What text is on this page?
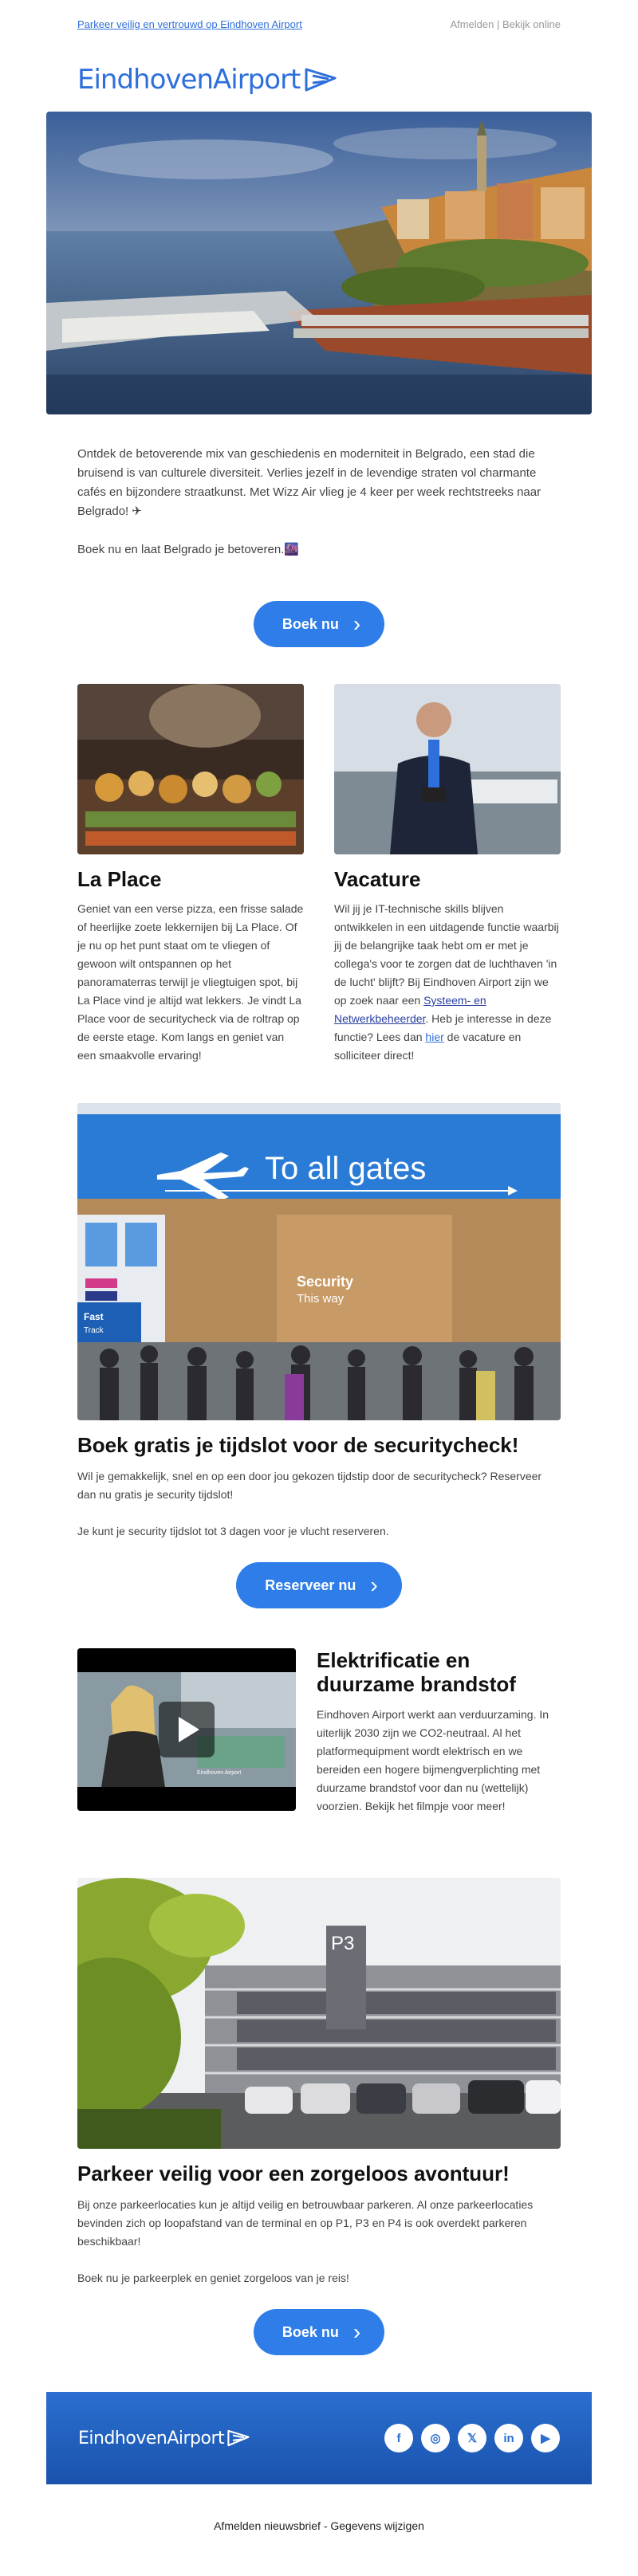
Parkeer veilig en vertrouwd op Eindhoven Airport	Afmelden | Bekijk online
EindhovenAirport

Ontdek de betoverende mix van geschiedenis en moderniteit in Belgrado, een stad die bruisend is van culturele diversiteit. Verlies jezelf in de levendige straten vol charmante cafés en bijzondere straatkunst. Met Wizz Air vlieg je 4 keer per week rechtstreeks naar Belgrado! ✈

Boek nu en laat Belgrado je betoveren.🌆

Boek nu ›
La Place

Geniet van een verse pizza, een frisse salade of heerlijke zoete lekkernijen bij La Place. Of je nu op het punt staat om te vliegen of gewoon wilt ontspannen op het panoramaterras terwijl je vliegtuigen spot, bij La Place vind je altijd wat lekkers. Je vindt La Place voor de securitycheck via de roltrap op de eerste etage. Kom langs en geniet van een smaakvolle ervaring!

Vacature

Wil jij je IT-technische skills blijven ontwikkelen in een uitdagende functie waarbij jij de belangrijke taak hebt om er met je collega's voor te zorgen dat de luchthaven 'in de lucht' blijft? Bij Eindhoven Airport zijn we op zoek naar een Systeem- en Netwerkbeheerder. Heb je interesse in deze functie? Lees dan hier de vacature en solliciteer direct!

To all gates
Security
This way
Fast
Track
Boek gratis je tijdslot voor de securitycheck!

Wil je gemakkelijk, snel en op een door jou gekozen tijdstip door de securitycheck? Reserveer dan nu gratis je security tijdslot!

Je kunt je security tijdslot tot 3 dagen voor je vlucht reserveren.

Reserveer nu ›
Eindhoven Airport
Elektrificatie en duurzame brandstof

Eindhoven Airport werkt aan verduurzaming. In uiterlijk 2030 zijn we CO2-neutraal. Al het platformequipment wordt elektrisch en we bereiden een hogere bijmengverplichting met duurzame brandstof voor dan nu (wettelijk) voorzien. Bekijk het filmpje voor meer!

P3
Parkeer veilig voor een zorgeloos avontuur!

Bij onze parkeerlocaties kun je altijd veilig en betrouwbaar parkeren. Al onze parkeerlocaties bevinden zich op loopafstand van de terminal en op P1, P3 en P4 is ook overdekt parkeren beschikbaar!

Boek nu je parkeerplek en geniet zorgeloos van je reis!

Boek nu ›
EindhovenAirport	f	◎	𝕏	in	▶
Afmelden nieuwsbrief - Gegevens wijzigen
